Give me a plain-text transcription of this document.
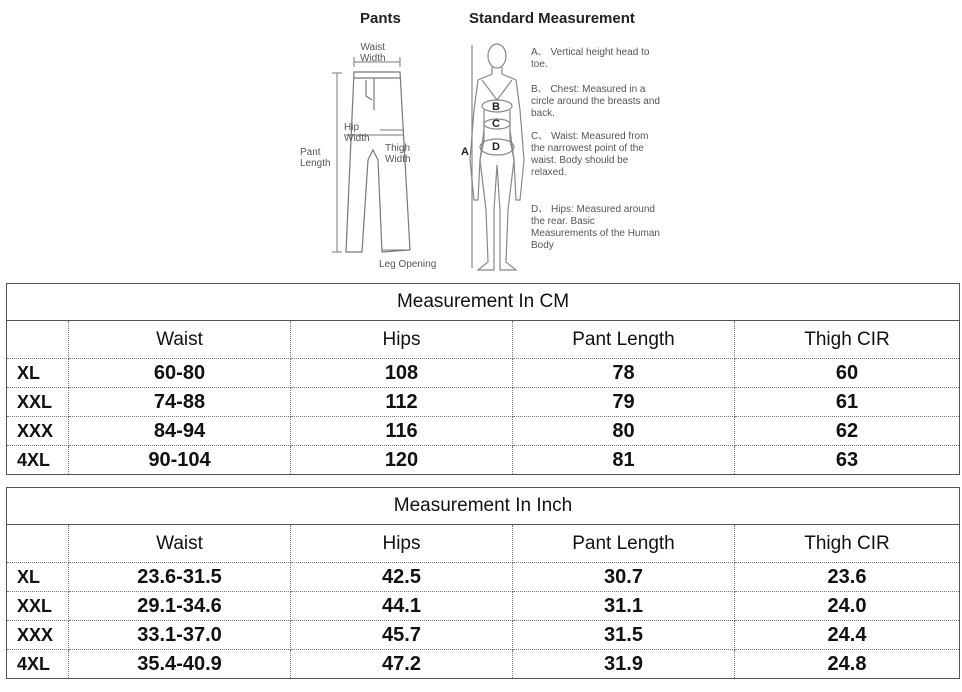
Pants	Standard Measurement
Waist
Width
Hip
Width
Thigh
Width
Pant
Length
Leg Opening
A
B
C
D
A、 Vertical height head to toe.
B、 Chest: Measured in a circle around the breasts and back.
C、 Waist: Measured from the narrowest point of the waist. Body should be relaxed.
D、 Hips: Measured around the rear. Basic Measurements of the Human Body
Measurement In CM				
	Waist	Hips	Pant Length	Thigh CIR
XL	60-80	108	78	60
XXL	74-88	112	79	61
XXX	84-94	116	80	62
4XL	90-104	120	81	63
Measurement In Inch				
	Waist	Hips	Pant Length	Thigh CIR
XL	23.6-31.5	42.5	30.7	23.6
XXL	29.1-34.6	44.1	31.1	24.0
XXX	33.1-37.0	45.7	31.5	24.4
4XL	35.4-40.9	47.2	31.9	24.8
